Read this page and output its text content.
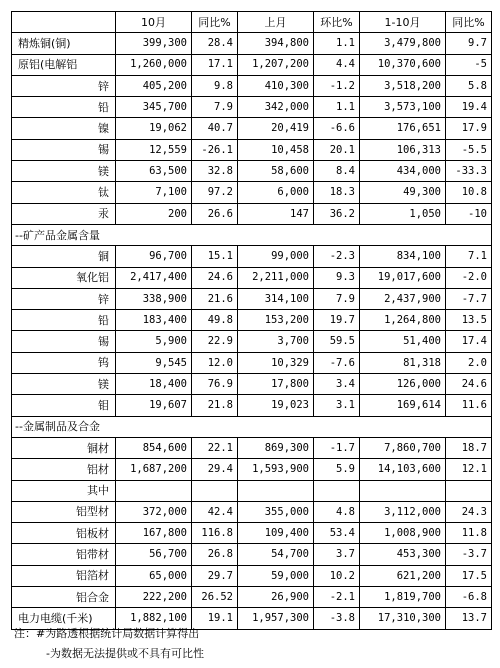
	10月	同比%	上月	环比%	1-10月	同比%
精炼铜(铜)	399,300	28.4	394,800	1.1	3,479,800	9.7
原铝(电解铝	1,260,000	17.1	1,207,200	4.4	10,370,600	-5
锌	405,200	9.8	410,300	-1.2	3,518,200	5.8
铅	345,700	7.9	342,000	1.1	3,573,100	19.4
镍	19,062	40.7	20,419	-6.6	176,651	17.9
锡	12,559	-26.1	10,458	20.1	106,313	-5.5
镁	63,500	32.8	58,600	8.4	434,000	-33.3
钛	7,100	97.2	6,000	18.3	49,300	10.8
汞	200	26.6	147	36.2	1,050	-10
--矿产品金属含量						
铜	96,700	15.1	99,000	-2.3	834,100	7.1
氧化铝	2,417,400	24.6	2,211,000	9.3	19,017,600	-2.0
锌	338,900	21.6	314,100	7.9	2,437,900	-7.7
铅	183,400	49.8	153,200	19.7	1,264,800	13.5
锡	5,900	22.9	3,700	59.5	51,400	17.4
钨	9,545	12.0	10,329	-7.6	81,318	2.0
镁	18,400	76.9	17,800	3.4	126,000	24.6
钼	19,607	21.8	19,023	3.1	169,614	11.6
--金属制品及合金						
铜材	854,600	22.1	869,300	-1.7	7,860,700	18.7
铝材	1,687,200	29.4	1,593,900	5.9	14,103,600	12.1
其中						
铝型材	372,000	42.4	355,000	4.8	3,112,000	24.3
铝板材	167,800	116.8	109,400	53.4	1,008,900	11.8
铝带材	56,700	26.8	54,700	3.7	453,300	-3.7
铝箔材	65,000	29.7	59,000	10.2	621,200	17.5
铝合金	222,200	26.52	26,900	-2.1	1,819,700	-6.8
电力电缆(千米)	1,882,100	19.1	1,957,300	-3.8	17,310,300	13.7
注：#为路透根据统计局数据计算得出
-为数据无法提供或不具有可比性
